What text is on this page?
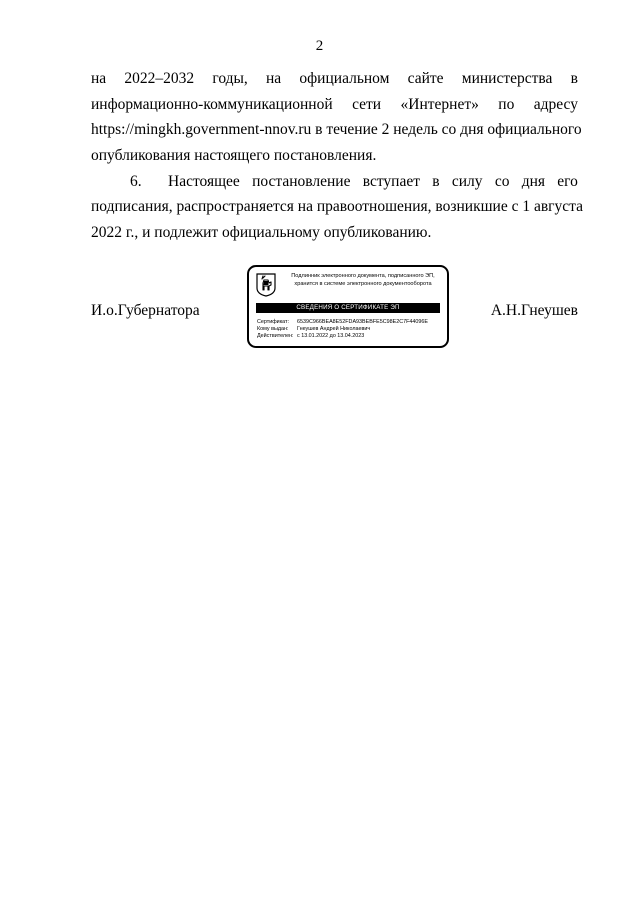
2
на 2022–2032 годы, на официальном сайте министерства в
информационно-коммуникационной сети «Интернет» по адресу
https://mingkh.government-nnov.ru в течение 2 недель со дня официального
опубликования настоящего постановления.
6.	Настоящее постановление вступает в силу со дня его
подписания, распространяется на правоотношения, возникшие с 1 августа
2022 г., и подлежит официальному опубликованию.
И.о.Губернатора	А.Н.Гнеушев
Подлинник электронного документа, подписанного ЭП,
хранится в системе электронного документооборота
СВЕДЕНИЯ О СЕРТИФИКАТЕ ЭП
Сертификат: 6539C966BEA8E52FDA93BEBFE5C98E2C7F44096E
Кому выдан: Гнеушев Андрей Николаевич
Действителен: с 13.01.2022 до 13.04.2023
